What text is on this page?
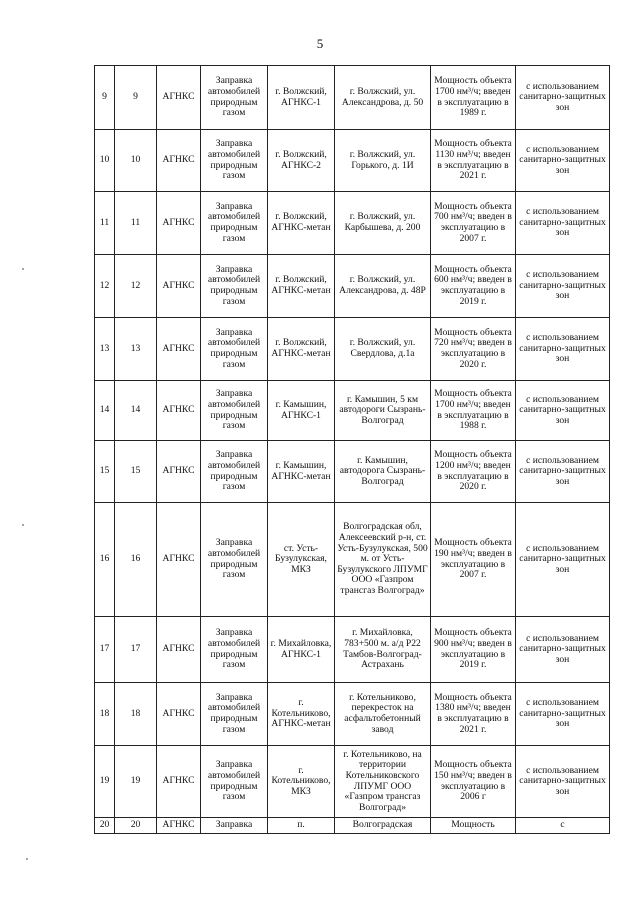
5
9	9	АГНКС	Заправка автомобилей природным газом	г. Волжский, АГНКС-1	г. Волжский, ул. Александрова, д. 50	Мощность объекта 1700 нм³/ч; введен в эксплуатацию в 1989 г.	с использованием санитарно-защитных зон
10	10	АГНКС	Заправка автомобилей природным газом	г. Волжский, АГНКС-2	г. Волжский, ул. Горького, д. 1И	Мощность объекта 1130 нм³/ч; введен в эксплуатацию в 2021 г.	с использованием санитарно-защитных зон
11	11	АГНКС	Заправка автомобилей природным газом	г. Волжский, АГНКС-метан	г. Волжский, ул. Карбышева, д. 200	Мощность объекта 700 нм³/ч; введен в эксплуатацию в 2007 г.	с использованием санитарно-защитных зон
12	12	АГНКС	Заправка автомобилей природным газом	г. Волжский, АГНКС-метан	г. Волжский, ул. Александрова, д. 48Р	Мощность объекта 600 нм³/ч; введен в эксплуатацию в 2019 г.	с использованием санитарно-защитных зон
13	13	АГНКС	Заправка автомобилей природным газом	г. Волжский, АГНКС-метан	г. Волжский, ул. Свердлова, д.1а	Мощность объекта 720 нм³/ч; введен в эксплуатацию в 2020 г.	с использованием санитарно-защитных зон
14	14	АГНКС	Заправка автомобилей природным газом	г. Камышин, АГНКС-1	г. Камышин, 5 км автодороги Сызрань-Волгоград	Мощность объекта 1700 нм³/ч; введен в эксплуатацию в 1988 г.	с использованием санитарно-защитных зон
15	15	АГНКС	Заправка автомобилей природным газом	г. Камышин, АГНКС-метан	г. Камышин, автодорога Сызрань-Волгоград	Мощность объекта 1200 нм³/ч; введен в эксплуатацию в 2020 г.	с использованием санитарно-защитных зон
16	16	АГНКС	Заправка автомобилей природным газом	ст. Усть-Бузулукская, МКЗ	Волгоградская обл, Алексеевский р-н, ст. Усть-Бузулукская, 500 м. от Усть-Бузулукского ЛПУМГ ООО «Газпром трансгаз Волгоград»	Мощность объекта 190 нм³/ч; введен в эксплуатацию в 2007 г.	с использованием санитарно-защитных зон
17	17	АГНКС	Заправка автомобилей природным газом	г. Михайловка, АГНКС-1	г. Михайловка, 783+500 м. а/д Р22 Тамбов-Волгоград-Астрахань	Мощность объекта 900 нм³/ч; введен в эксплуатацию в 2019 г.	с использованием санитарно-защитных зон
18	18	АГНКС	Заправка автомобилей природным газом	г. Котельниково, АГНКС-метан	г. Котельниково, перекресток на асфальтобетонный завод	Мощность объекта 1380 нм³/ч; введен в эксплуатацию в 2021 г.	с использованием санитарно-защитных зон
19	19	АГНКС	Заправка автомобилей природным газом	г. Котельниково, МКЗ	г. Котельниково, на территории Котельниковского ЛПУМГ ООО «Газпром трансгаз Волгоград»	Мощность объекта 150 нм³/ч; введен в эксплуатацию в 2006 г	с использованием санитарно-защитных зон
20	20	АГНКС	Заправка	п.	Волгоградская	Мощность	с
